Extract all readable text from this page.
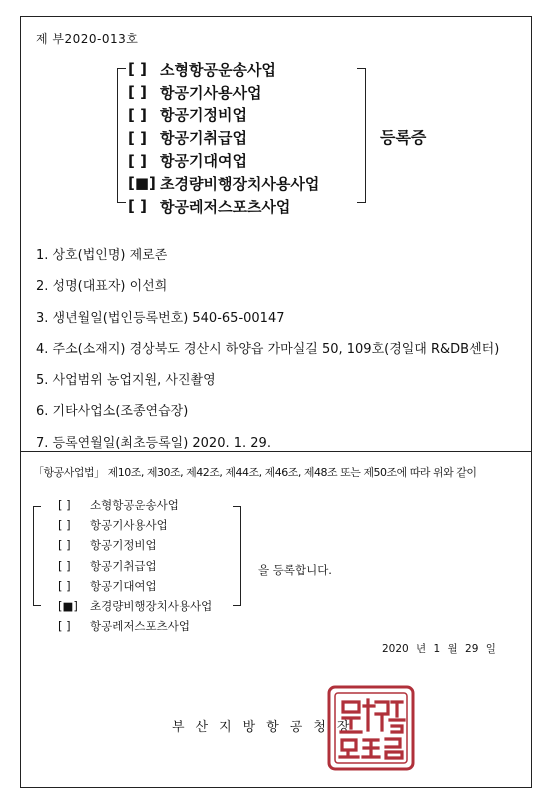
제 부2020-013호
[ ] 소형항공운송사업
[ ] 항공기사용사업
[ ] 항공기정비업
[ ] 항공기취급업
[ ] 항공기대여업
[■] 초경량비행장치사용사업
[ ] 항공레저스포츠사업
등록증
1. 상호(법인명) 제로존
2. 성명(대표자) 이선희
3. 생년월일(법인등록번호) 540-65-00147
4. 주소(소재지) 경상북도 경산시 하양읍 가마실길 50, 109호(경일대 R&DB센터)
5. 사업범위 농업지원, 사진촬영
6. 기타사업소(조종연습장)
7. 등록연월일(최초등록일) 2020. 1. 29.
「항공사업법」 제10조, 제30조, 제42조, 제44조, 제46조, 제48조 또는 제50조에 따라 위와 같이
[ ]	소형항공운송사업
[ ]	항공기사용사업
[ ]	항공기정비업
[ ]	항공기취급업
[ ]	항공기대여업
[■]	초경량비행장치사용사업
[ ]	항공레저스포츠사업
을 등록합니다.
2020 년 1 월 29 일
부산지방항공청장
